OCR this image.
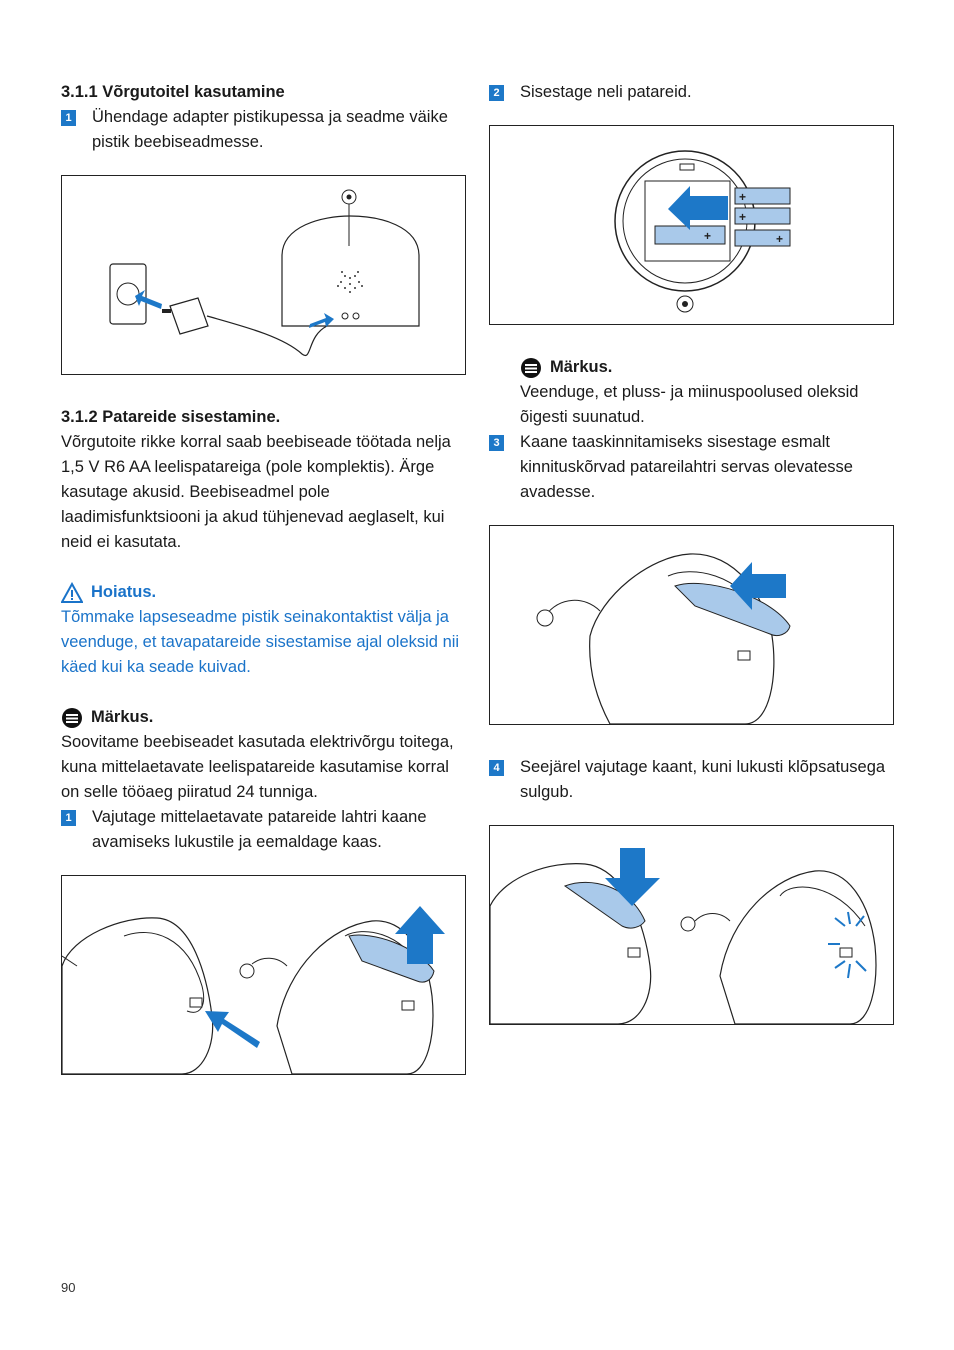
3.1.1 Võrgutoitel kasutamine

1 Ühendage adapter pistikupessa ja seadme väike pistik beebiseadmesse.

3.1.2 Patareide sisestamine.

Võrgutoite rikke korral saab beebiseade töötada nelja 1,5 V R6 AA leelispatareiga (pole komplektis). Ärge kasutage akusid. Beebiseadmel pole laadimisfunktsiooni ja akud tühjenevad aeglaselt, kui neid ei kasutata.

Hoiatus.

Tõmmake lapseseadme pistik seinakontaktist välja ja veenduge, et tavapatareide sisestamise ajal oleksid nii käed kui ka seade kuivad.

Märkus.

Soovitame beebiseadet kasutada elektrivõrgu toitega, kuna mittelaetavate leelispatareide kasutamise korral on selle tööaeg piiratud 24 tunniga.

1 Vajutage mittelaetavate patareide lahtri kaane avamiseks lukustile ja eemaldage kaas.
2 Sisestage neli patareid.
+
+
+
+
Märkus.

Veenduge, et pluss- ja miinuspoolused oleksid õigesti suunatud.

3 Kaane taaskinnitamiseks sisestage esmalt kinnituskõrvad patareilahtri servas olevatesse avadesse.
4 Seejärel vajutage kaant, kuni lukusti klõpsatusega sulgub.
90
